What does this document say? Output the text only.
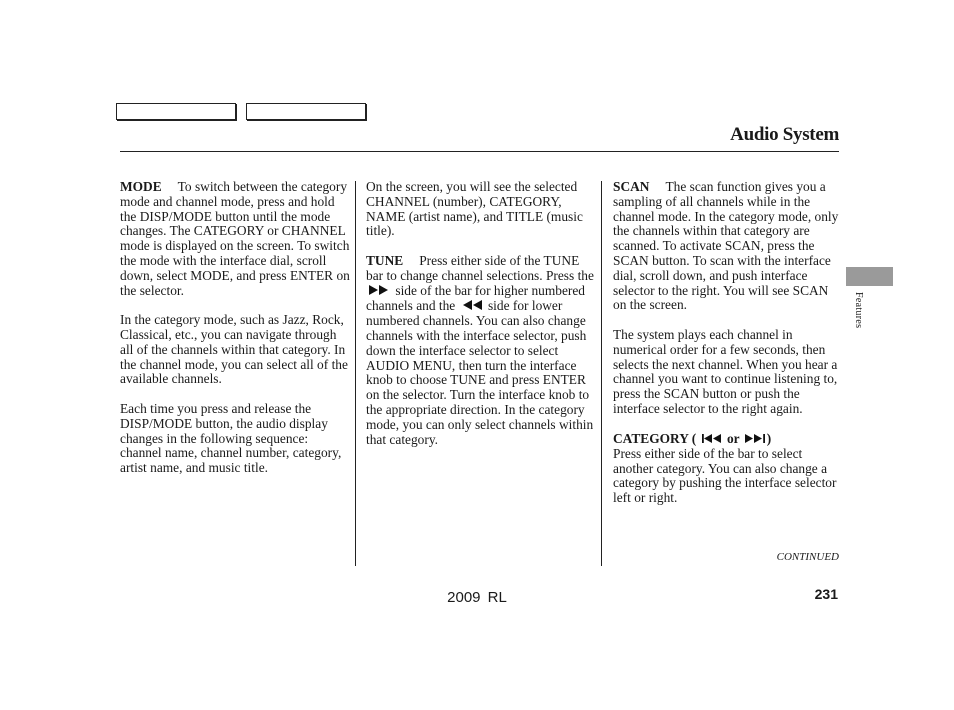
Audio System

MODE To switch between the category mode and channel mode, press and hold the DISP/MODE button until the mode changes. The CATEGORY or CHANNEL mode is displayed on the screen. To switch the mode with the interface dial, scroll down, select MODE, and press ENTER on the selector.

In the category mode, such as Jazz, Rock, Classical, etc., you can navigate through all of the channels within that category. In the channel mode, you can select all of the available channels.

Each time you press and release the DISP/MODE button, the audio display changes in the following sequence: channel name, channel number, category, artist name, and music title.

On the screen, you will see the selected CHANNEL (number), CATEGORY, NAME (artist name), and TITLE (music title).

TUNE Press either side of the TUNE bar to change channel selections. Press the  side of the bar for higher numbered channels and the side for lower numbered channels. You can also change channels with the interface selector, push down the interface selector to select AUDIO MENU, then turn the interface knob to choose TUNE and press ENTER on the selector. Turn the interface knob to the appropriate direction. In the category mode, you can only select channels within that category.

SCAN The scan function gives you a sampling of all channels while in the channel mode. In the category mode, only the channels within that category are scanned. To activate SCAN, press the SCAN button. To scan with the interface dial, scroll down, and push interface selector to the right. You will see SCAN on the screen.

The system plays each channel in numerical order for a few seconds, then selects the next channel. When you hear a channel you want to continue listening to, press the SCAN button or push the interface selector to the right again.

CATEGORY ( or )
Press either side of the bar to select another category. You can also change a category by pushing the interface selector left or right.

Features
CONTINUED
2009 RL	231
